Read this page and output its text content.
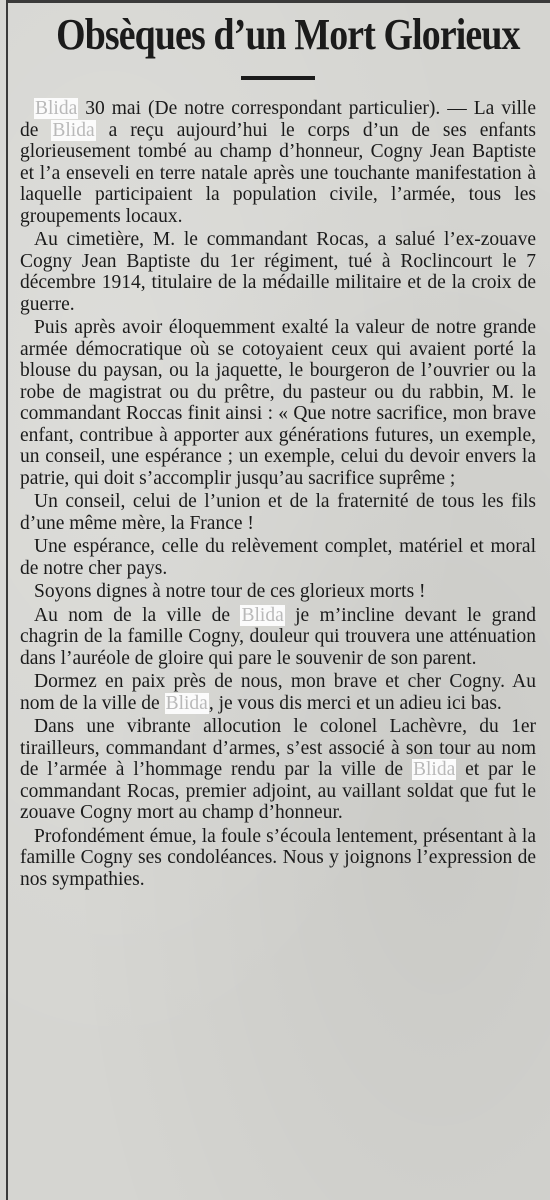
Obsèques d’un Mort Glorieux

Blida 30 mai (De notre correspondant particulier). — La ville de Blida a reçu aujourd’hui le corps d’un de ses enfants glorieusement tombé au champ d’honneur, Cogny Jean Baptiste et l’a enseveli en terre natale après une touchante manifestation à laquelle participaient la population civile, l’armée, tous les groupements locaux.

Au cimetière, M. le commandant Rocas, a salué l’ex-zouave Cogny Jean Baptiste du 1er régiment, tué à Roclincourt le 7 décembre 1914, titulaire de la médaille militaire et de la croix de guerre.

Puis après avoir éloquemment exalté la valeur de notre grande armée démocratique où se cotoyaient ceux qui avaient porté la blouse du paysan, ou la jaquette, le bourgeron de l’ouvrier ou la robe de magistrat ou du prêtre, du pasteur ou du rabbin, M. le commandant Roccas finit ainsi : « Que notre sacrifice, mon brave enfant, contribue à apporter aux générations futures, un exemple, un conseil, une espérance ; un exemple, celui du devoir envers la patrie, qui doit s’accomplir jusqu’au sacrifice suprême ;

Un conseil, celui de l’union et de la fraternité de tous les fils d’une même mère, la France !

Une espérance, celle du relèvement complet, matériel et moral de notre cher pays.

Soyons dignes à notre tour de ces glorieux morts !

Au nom de la ville de Blida je m’incline devant le grand chagrin de la famille Cogny, douleur qui trouvera une atténuation dans l’auréole de gloire qui pare le souvenir de son parent.

Dormez en paix près de nous, mon brave et cher Cogny. Au nom de la ville de Blida, je vous dis merci et un adieu ici bas.

Dans une vibrante allocution le colonel Lachèvre, du 1er tirailleurs, commandant d’armes, s’est associé à son tour au nom de l’armée à l’hommage rendu par la ville de Blida et par le commandant Rocas, premier adjoint, au vaillant soldat que fut le zouave Cogny mort au champ d’honneur.

Profondément émue, la foule s’écoula lentement, présentant à la famille Cogny ses condoléances. Nous y joignons l’expression de nos sympathies.
